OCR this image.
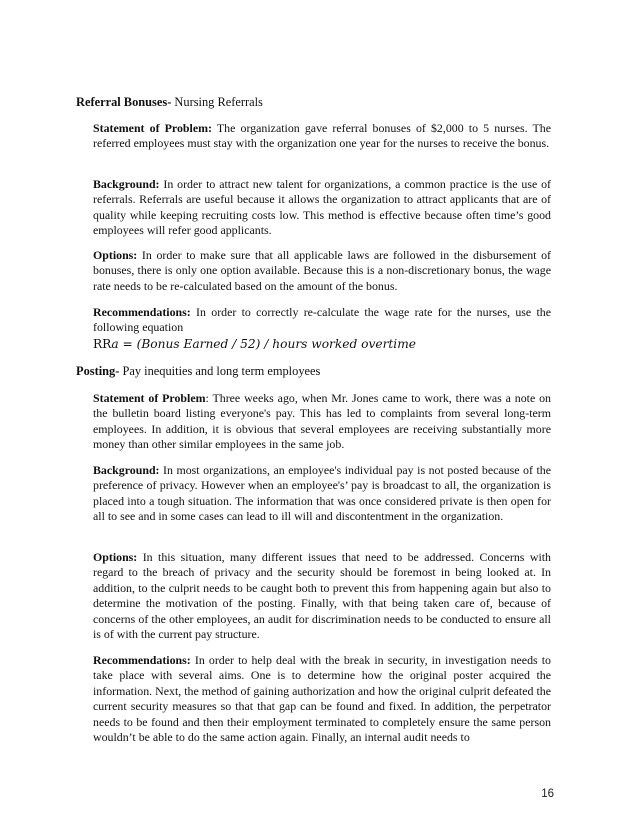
Referral Bonuses- Nursing Referrals
Statement of Problem: The organization gave referral bonuses of $2,000 to 5 nurses. The referred employees must stay with the organization one year for the nurses to receive the bonus.
Background: In order to attract new talent for organizations, a common practice is the use of referrals. Referrals are useful because it allows the organization to attract applicants that are of quality while keeping recruiting costs low. This method is effective because often time’s good employees will refer good applicants.
Options: In order to make sure that all applicable laws are followed in the disbursement of bonuses, there is only one option available. Because this is a non-discretionary bonus, the wage rate needs to be re-calculated based on the amount of the bonus.
Recommendations: In order to correctly re-calculate the wage rate for the nurses, use the following equation
RRa = (Bonus Earned / 52) / hours worked overtime
Posting- Pay inequities and long term employees
Statement of Problem: Three weeks ago, when Mr. Jones came to work, there was a note on the bulletin board listing everyone's pay. This has led to complaints from several long-term employees. In addition, it is obvious that several employees are receiving substantially more money than other similar employees in the same job.
Background: In most organizations, an employee's individual pay is not posted because of the preference of privacy. However when an employee's’ pay is broadcast to all, the organization is placed into a tough situation. The information that was once considered private is then open for all to see and in some cases can lead to ill will and discontentment in the organization.
Options: In this situation, many different issues that need to be addressed. Concerns with regard to the breach of privacy and the security should be foremost in being looked at. In addition, to the culprit needs to be caught both to prevent this from happening again but also to determine the motivation of the posting. Finally, with that being taken care of, because of concerns of the other employees, an audit for discrimination needs to be conducted to ensure all is of with the current pay structure.
Recommendations: In order to help deal with the break in security, in investigation needs to take place with several aims. One is to determine how the original poster acquired the information. Next, the method of gaining authorization and how the original culprit defeated the current security measures so that that gap can be found and fixed. In addition, the perpetrator needs to be found and then their employment terminated to completely ensure the same person wouldn’t be able to do the same action again. Finally, an internal audit needs to
16
